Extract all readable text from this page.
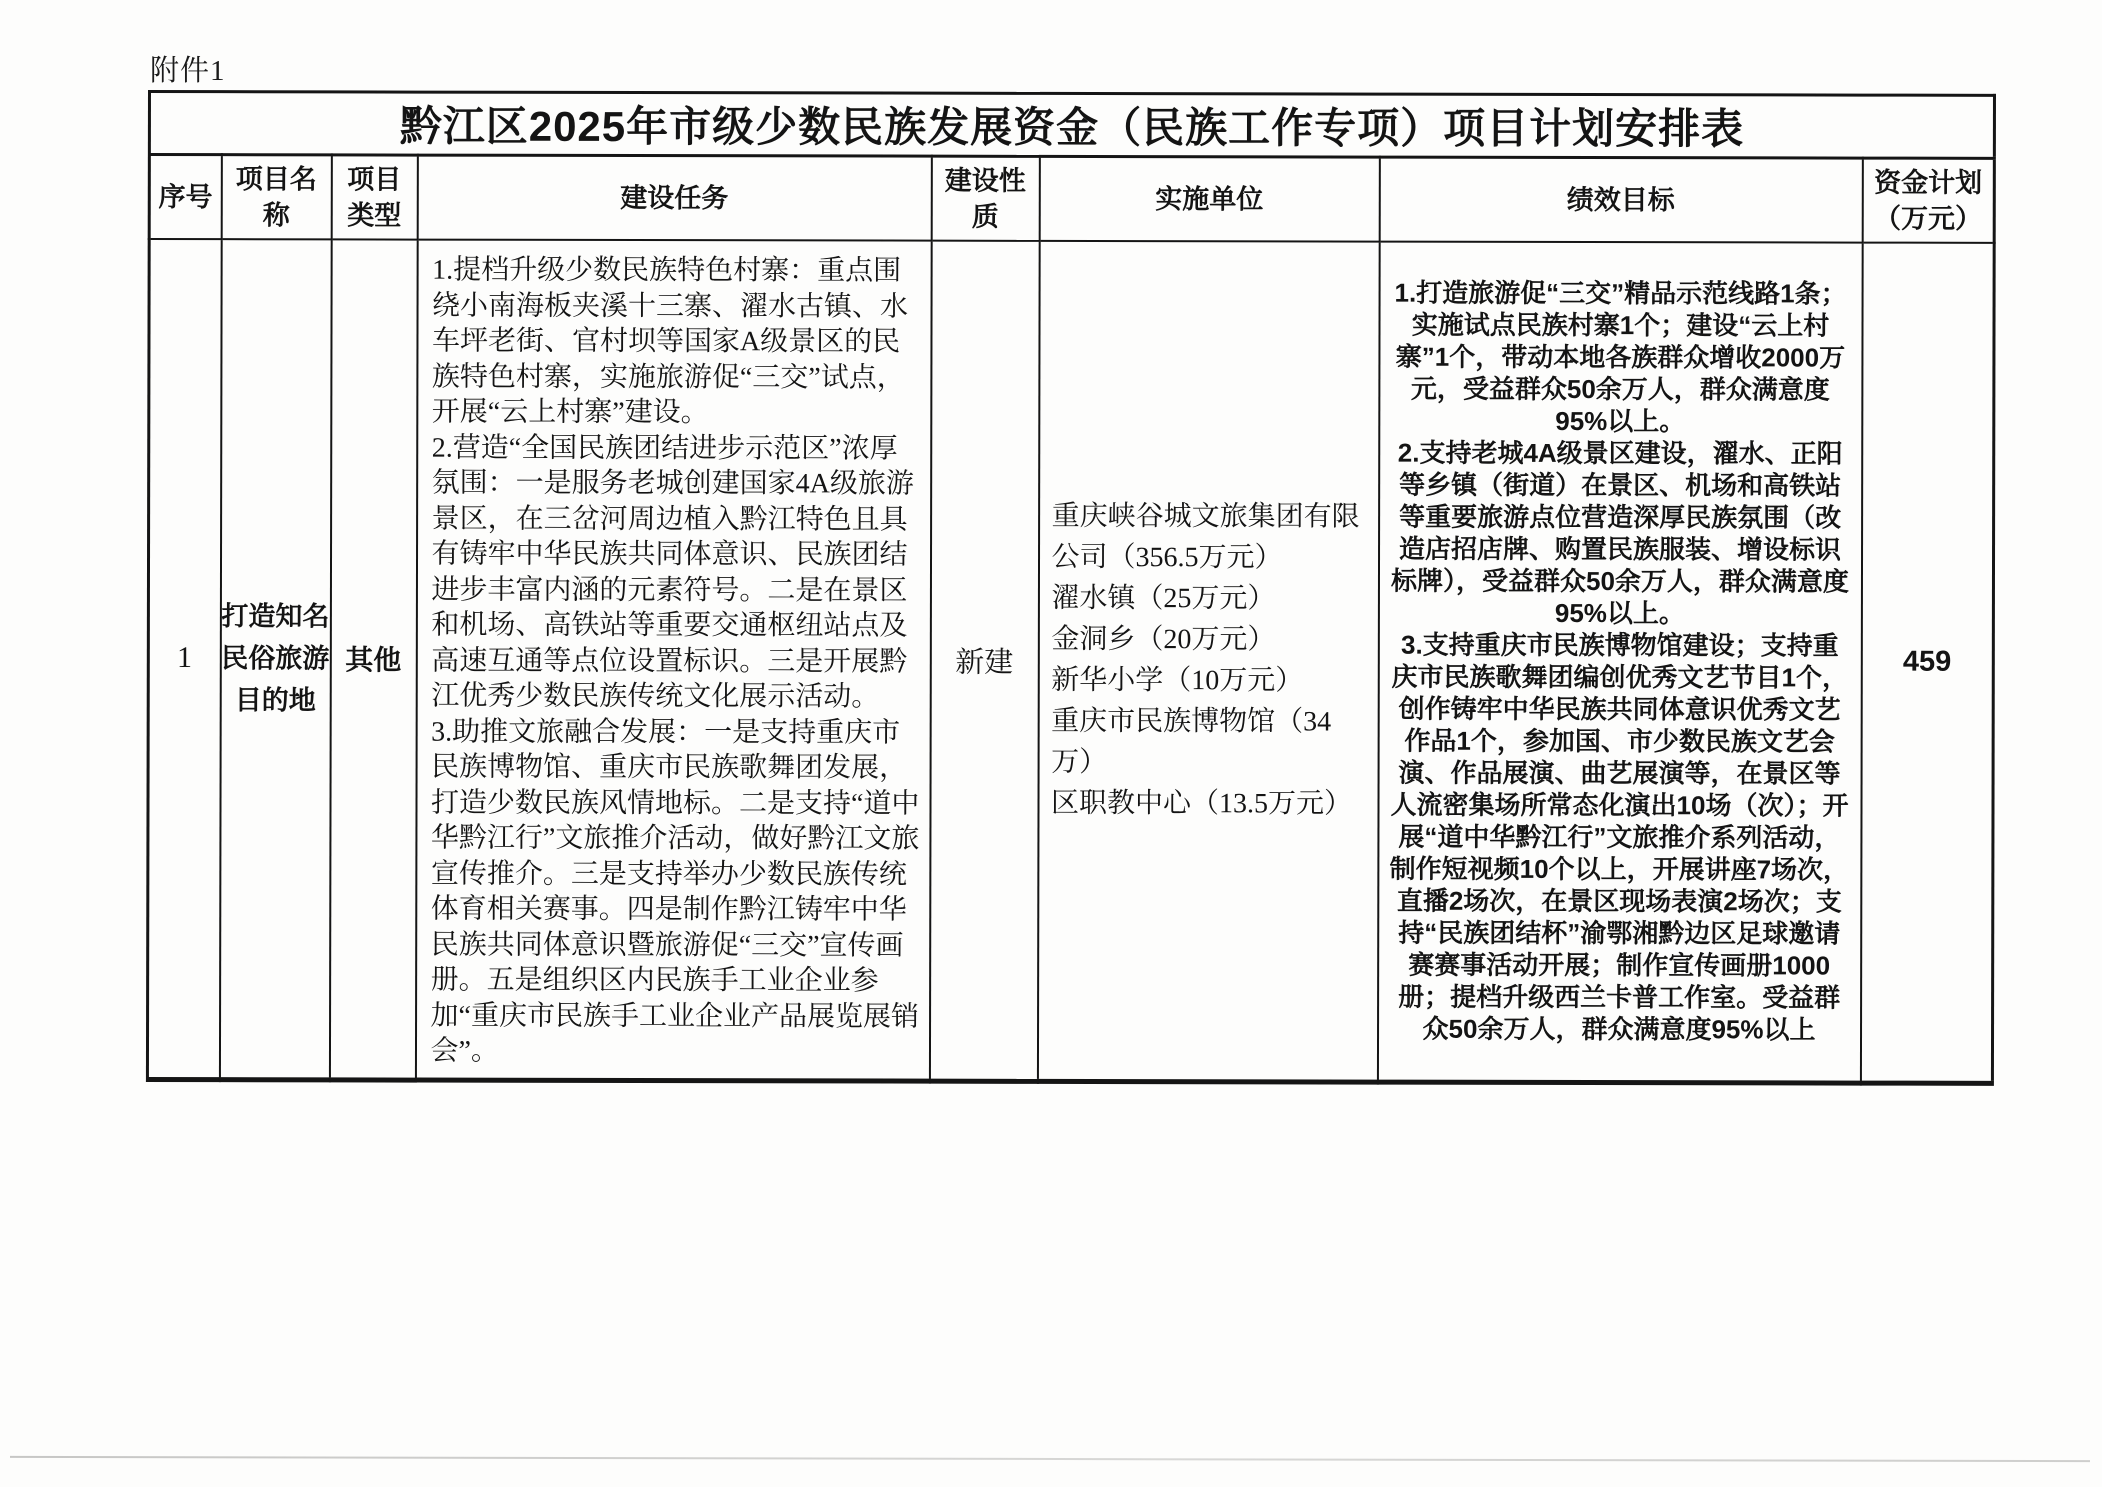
附件1
黔江区2025年市级少数民族发展资金（民族工作专项）项目计划安排表							
序号	项目名称	项目类型	建设任务	建设性质	实施单位	绩效目标	资金计划（万元）
1	打造知名民俗旅游目的地	其他	1.提档升级少数民族特色村寨：重点围绕小南海板夹溪十三寨、濯水古镇、水车坪老街、官村坝等国家A级景区的民族特色村寨，实施旅游促“三交”试点，开展“云上村寨”建设。
2.营造“全国民族团结进步示范区”浓厚氛围：一是服务老城创建国家4A级旅游景区，在三岔河周边植入黔江特色且具有铸牢中华民族共同体意识、民族团结进步丰富内涵的元素符号。二是在景区和机场、高铁站等重要交通枢纽站点及高速互通等点位设置标识。三是开展黔江优秀少数民族传统文化展示活动。
3.助推文旅融合发展：一是支持重庆市民族博物馆、重庆市民族歌舞团发展，打造少数民族风情地标。二是支持“道中华黔江行”文旅推介活动，做好黔江文旅宣传推介。三是支持举办少数民族传统体育相关赛事。四是制作黔江铸牢中华民族共同体意识暨旅游促“三交”宣传画册。五是组织区内民族手工业企业参加“重庆市民族手工业企业产品展览展销会”。	新建	重庆峡谷城文旅集团有限公司（356.5万元）
濯水镇（25万元）
金洞乡（20万元）
新华小学（10万元）
重庆市民族博物馆（34万）
区职教中心（13.5万元）	1.打造旅游促“三交”精品示范线路1条；实施试点民族村寨1个；建设“云上村寨”1个，带动本地各族群众增收2000万元，受益群众50余万人，群众满意度95%以上。
2.支持老城4A级景区建设，濯水、正阳等乡镇（街道）在景区、机场和高铁站等重要旅游点位营造深厚民族氛围（改造店招店牌、购置民族服装、增设标识标牌），受益群众50余万人，群众满意度95%以上。
3.支持重庆市民族博物馆建设；支持重庆市民族歌舞团编创优秀文艺节目1个，创作铸牢中华民族共同体意识优秀文艺作品1个，参加国、市少数民族文艺会演、作品展演、曲艺展演等，在景区等人流密集场所常态化演出10场（次）；开展“道中华黔江行”文旅推介系列活动，制作短视频10个以上，开展讲座7场次，直播2场次，在景区现场表演2场次；支持“民族团结杯”渝鄂湘黔边区足球邀请赛赛事活动开展；制作宣传画册1000册；提档升级西兰卡普工作室。受益群众50余万人，群众满意度95%以上	459
